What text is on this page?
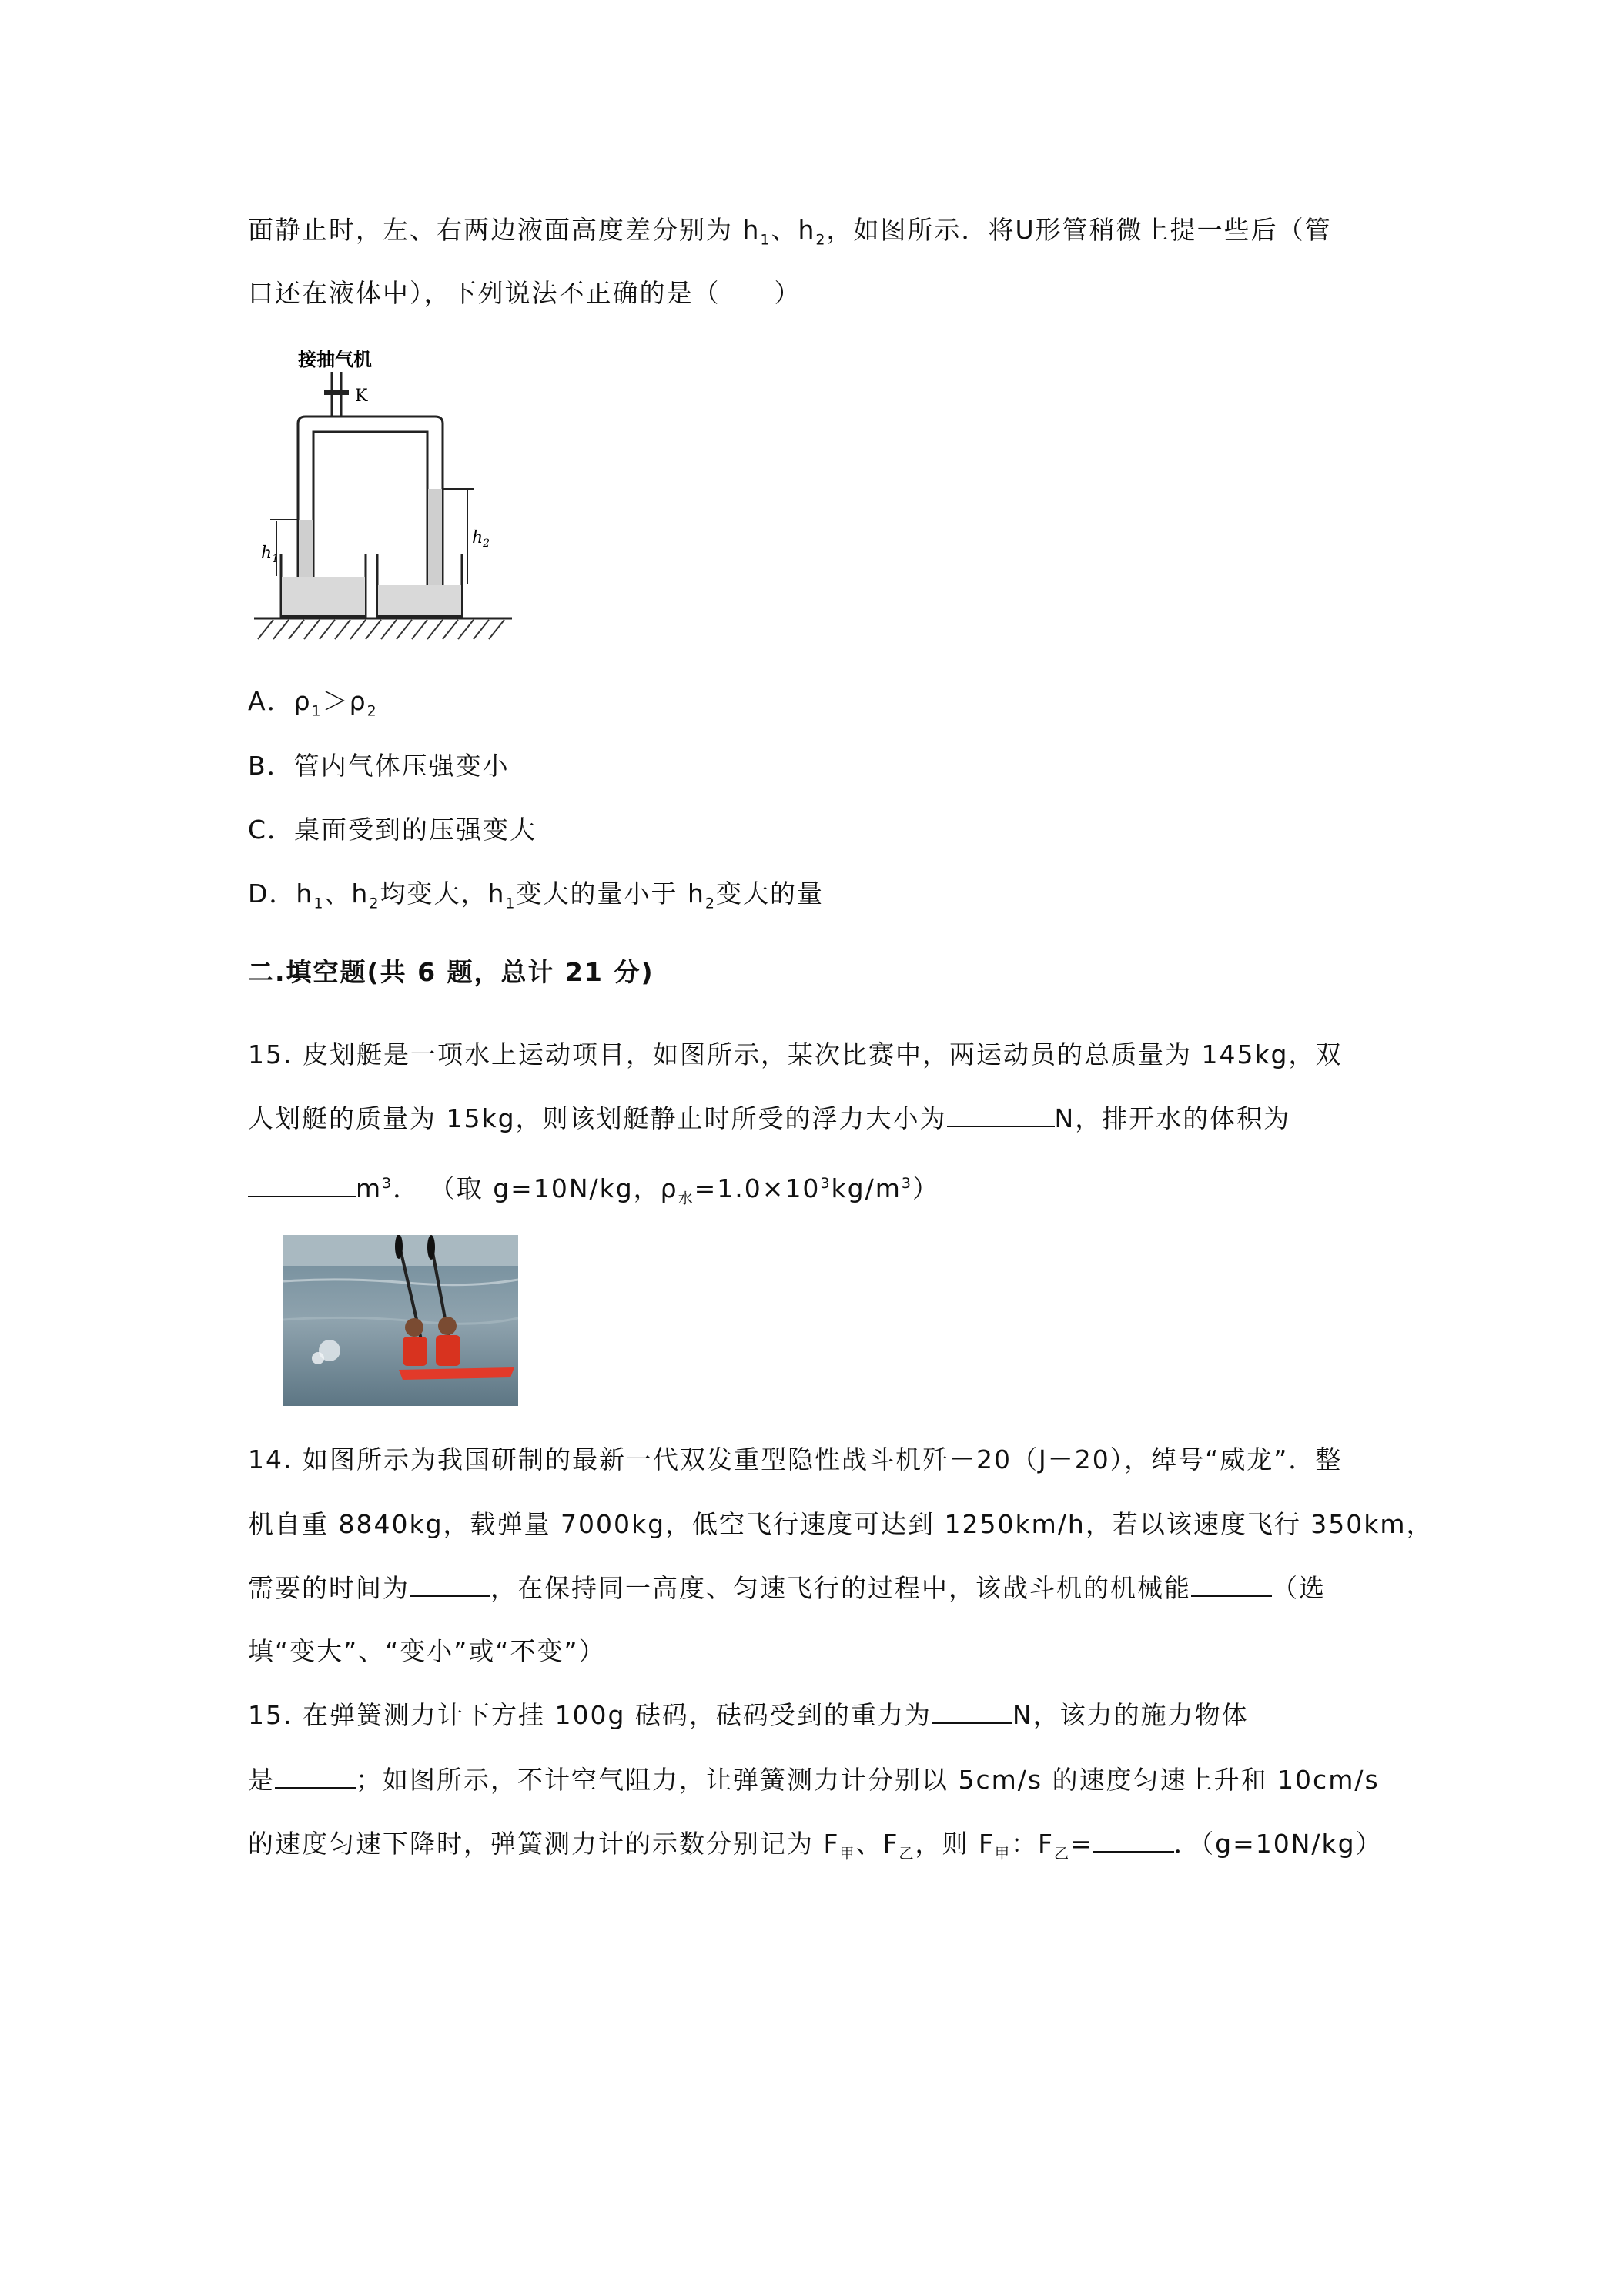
面静止时，左、右两边液面高度差分别为 $h_1$、$h_2$，如图所示．将U形管稍微上提一些后（管
口还在液体中），下列说法不正确的是（　　）
接抽气机
K
$h_1$
$h_2$
A．$\rho_1>\rho_2$
B．管内气体压强变小
C．桌面受到的压强变大
D．$h_1$、$h_2$均变大，$h_1$变大的量小于 $h_2$变大的量
二.填空题(共 6 题，总计 21 分)
15. 皮划艇是一项水上运动项目，如图所示，某次比赛中，两运动员的总质量为 145kg，双
人划艇的质量为 15kg，则该划艇静止时所受的浮力大小为	N，排开水的体积为
$m^3$． （取 g=10N/kg，$\rho_水=1.0\times 10^3kg/m^3$）
14. 如图所示为我国研制的最新一代双发重型隐性战斗机歼－20（J－20），绰号“威龙”．整
机自重 8840kg，载弹量 7000kg，低空飞行速度可达到 1250km/h，若以该速度飞行 350km，
需要的时间为	，在保持同一高度、匀速飞行的过程中，该战斗机的机械能	（选
填“变大”、“变小”或“不变”）
15. 在弹簧测力计下方挂 100g 砝码，砝码受到的重力为	N，该力的施力物体
是	；如图所示，不计空气阻力，让弹簧测力计分别以 5cm/s 的速度匀速上升和 10cm/s
的速度匀速下降时，弹簧测力计的示数分别记为 $F_甲$、$F_乙$，则 $F_甲$：$F_乙=$	．（g=10N/kg）
